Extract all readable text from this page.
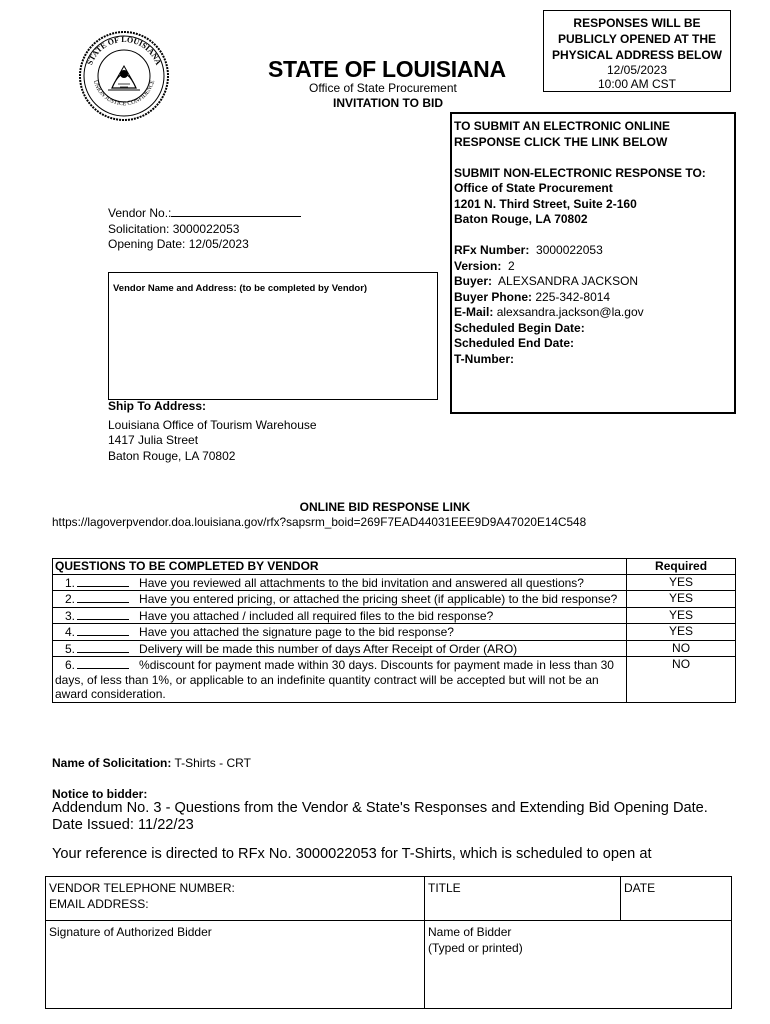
STATE OF LOUISIANA
UNION JUSTICE CONFIDENCE
STATE OF LOUISIANA
Office of State Procurement
INVITATION TO BID
RESPONSES WILL BE
PUBLICLY OPENED AT THE
PHYSICAL ADDRESS BELOW
12/05/2023
10:00 AM CST
TO SUBMIT AN ELECTRONIC ONLINE
RESPONSE CLICK THE LINK BELOW
SUBMIT NON-ELECTRONIC RESPONSE TO:
Office of State Procurement
1201 N. Third Street, Suite 2-160
Baton Rouge, LA 70802
RFx Number: 3000022053
Version: 2
Buyer: ALEXSANDRA JACKSON
Buyer Phone: 225-342-8014
E-Mail: alexsandra.jackson@la.gov
Scheduled Begin Date:
Scheduled End Date:
T-Number:
Vendor No.:
Solicitation: 3000022053
Opening Date: 12/05/2023
Vendor Name and Address: (to be completed by Vendor)
Ship To Address:
Louisiana Office of Tourism Warehouse
1417 Julia Street
Baton Rouge, LA 70802
ONLINE BID RESPONSE LINK
https://lagoverpvendor.doa.louisiana.gov/rfx?sapsrm_boid=269F7EAD44031EEE9D9A47020E14C548
QUESTIONS TO BE COMPLETED BY VENDOR	Required
1. Have you reviewed all attachments to the bid invitation and answered all questions?	YES
2. Have you entered pricing, or attached the pricing sheet (if applicable) to the bid response?	YES
3. Have you attached / included all required files to the bid response?	YES
4. Have you attached the signature page to the bid response?	YES
5. Delivery will be made this number of days After Receipt of Order (ARO)	NO
6. %discount for payment made within 30 days. Discounts for payment made in less than 30 days, of less than 1%, or applicable to an indefinite quantity contract will be accepted but will not be an award consideration.	NO
Name of Solicitation: T-Shirts - CRT
Notice to bidder:
Addendum No. 3 - Questions from the Vendor & State's Responses and Extending Bid Opening Date.
Date Issued: 11/22/23
Your reference is directed to RFx No. 3000022053 for T-Shirts, which is scheduled to open at
VENDOR TELEPHONE NUMBER:
EMAIL ADDRESS:	TITLE	DATE
Signature of Authorized Bidder	Name of Bidder
(Typed or printed)	
